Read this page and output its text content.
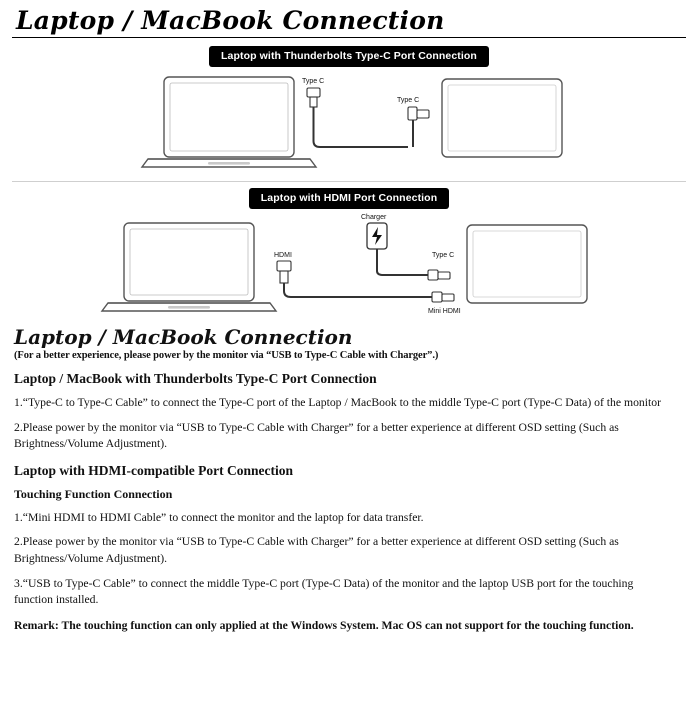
Laptop / MacBook Connection
Laptop with Thunderbolts Type-C Port Connection
Type C
Type C
Laptop with HDMI Port Connection
Charger
HDMI	Type C
Mini HDMI
Laptop / MacBook Connection
(For a better experience, please power by the monitor via “USB to Type-C Cable with Charger”.)
Laptop / MacBook with Thunderbolts Type-C Port Connection
1.“Type-C to Type-C Cable” to connect the Type-C port of the Laptop / MacBook to the middle Type-C port (Type-C Data) of the monitor
2.Please power by the monitor via “USB to Type-C Cable with Charger” for a better experience at different OSD setting (Such as Brightness/Volume Adjustment).
Laptop with HDMI-compatible Port Connection
Touching Function Connection
1.“Mini HDMI to HDMI Cable” to connect the monitor and the laptop for data transfer.
2.Please power by the monitor via “USB to Type-C Cable with Charger” for a better experience at different OSD setting (Such as Brightness/Volume Adjustment).
3.“USB to Type-C Cable” to connect the middle Type-C port (Type-C Data) of the monitor and the laptop USB port for the touching function installed.
Remark: The touching function can only applied at the Windows System. Mac OS can not support for the touching function.
